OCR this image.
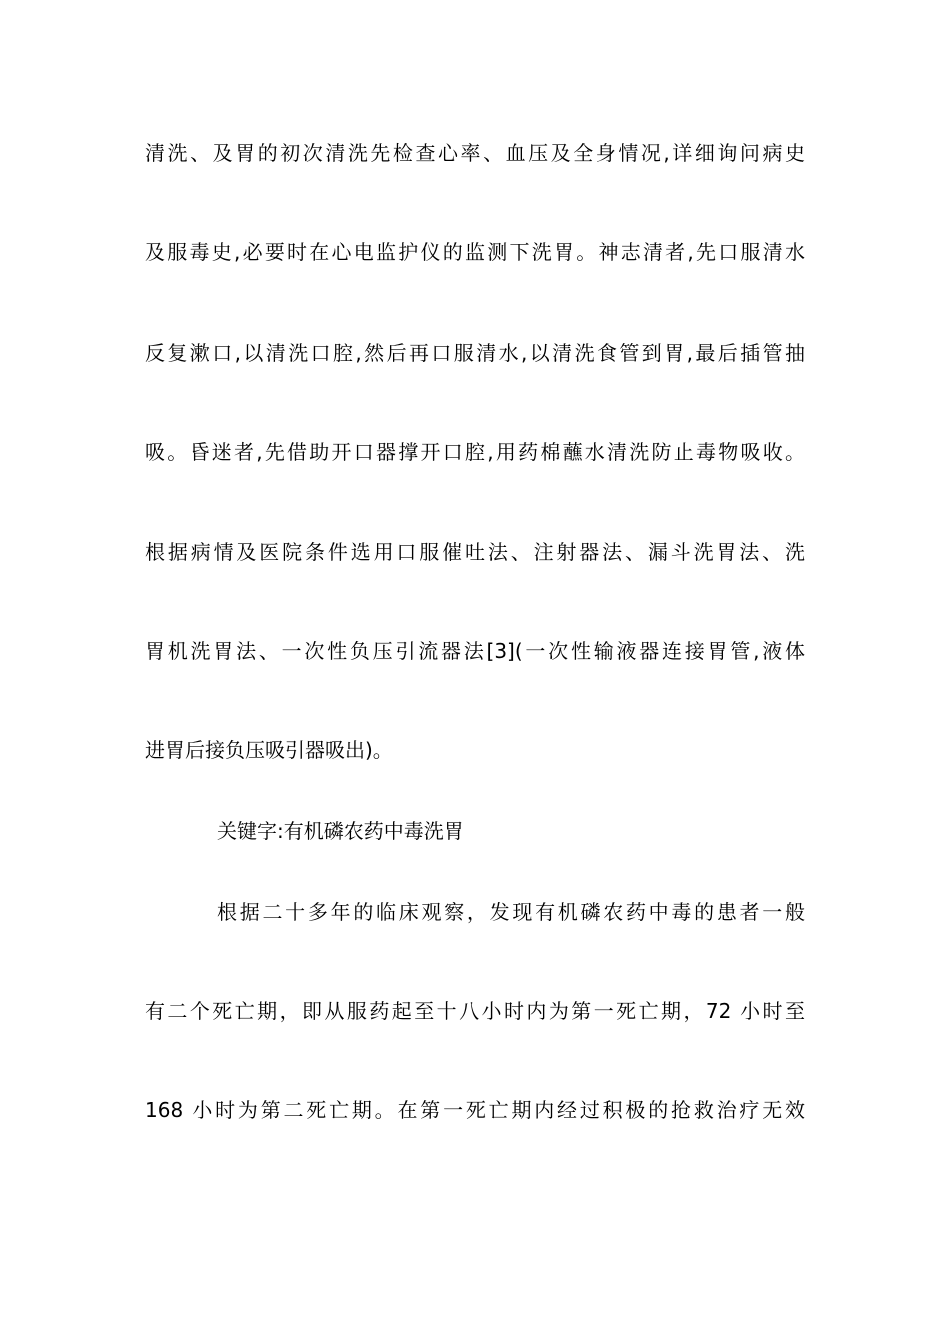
清洗、及胃的初次清洗先检查心率、血压及全身情况,详细询问病史
及服毒史,必要时在心电监护仪的监测下洗胃。神志清者,先口服清水
反复漱口,以清洗口腔,然后再口服清水,以清洗食管到胃,最后插管抽
吸。昏迷者,先借助开口器撑开口腔,用药棉蘸水清洗防止毒物吸收。
根据病情及医院条件选用口服催吐法、注射器法、漏斗洗胃法、洗
胃机洗胃法、一次性负压引流器法[3](一次性输液器连接胃管,液体
进胃后接负压吸引器吸出)。
关键字:有机磷农药中毒洗胃
根据二十多年的临床观察，发现有机磷农药中毒的患者一般
有二个死亡期，即从服药起至十八小时内为第一死亡期，72 小时至
168 小时为第二死亡期。在第一死亡期内经过积极的抢救治疗无效
